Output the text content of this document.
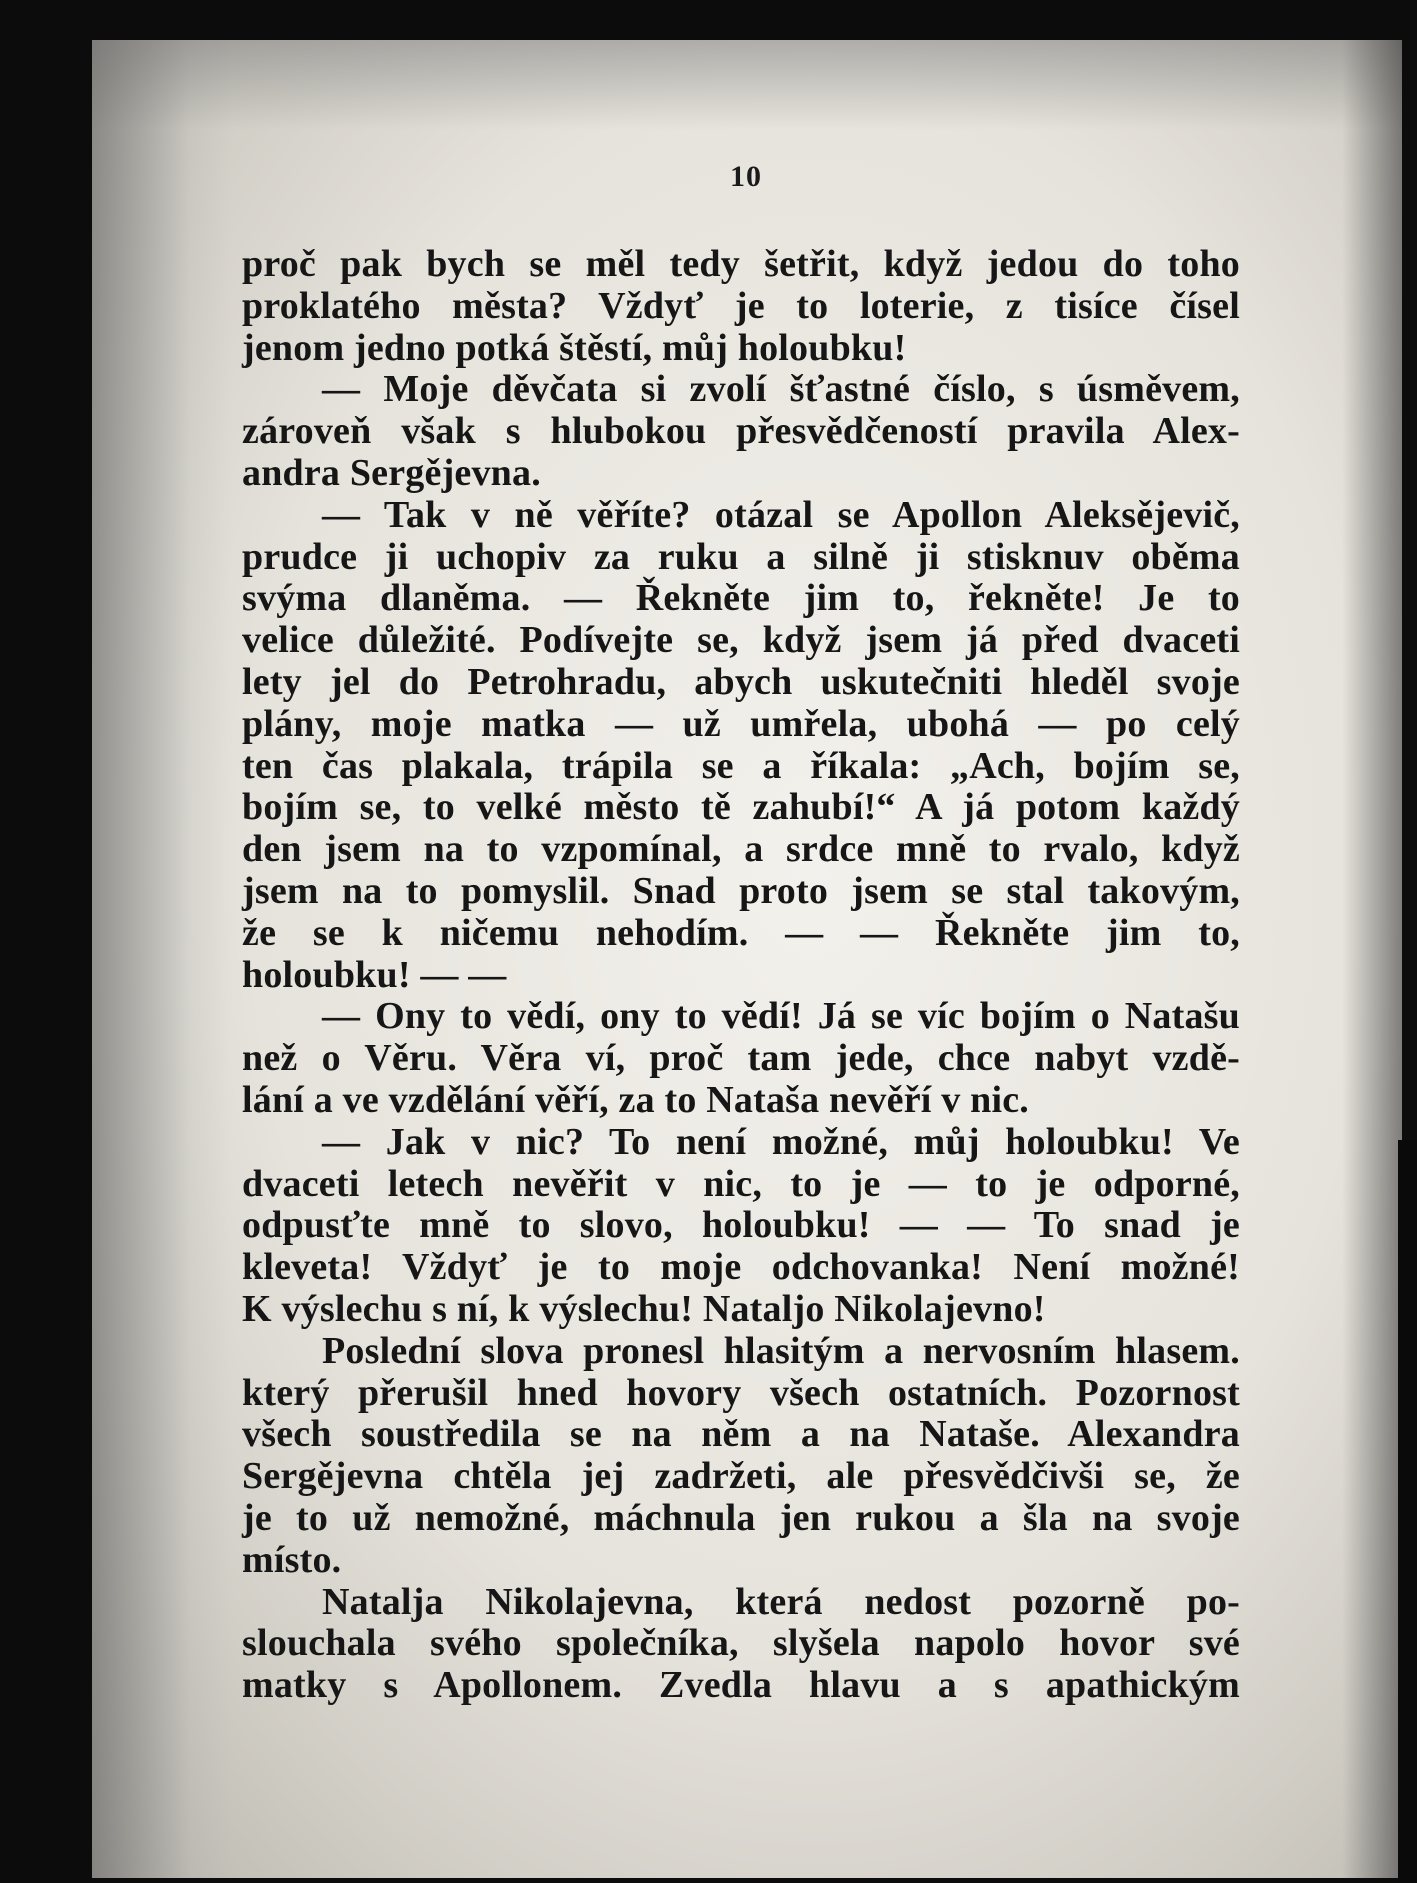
10
proč pak bych se měl tedy šetřit, když jedou do toho
proklatého města? Vždyť je to loterie, z tisíce čísel
jenom jedno potká štěstí, můj holoubku!
— Moje děvčata si zvolí šťastné číslo, s úsměvem,
zároveň však s hlubokou přesvědčeností pravila Alex-
andra Sergějevna.
— Tak v ně věříte? otázal se Apollon Aleksějevič,
prudce ji uchopiv za ruku a silně ji stisknuv oběma
svýma dlaněma. — Řekněte jim to, řekněte! Je to
velice důležité. Podívejte se, když jsem já před dvaceti
lety jel do Petrohradu, abych uskutečniti hleděl svoje
plány, moje matka — už umřela, ubohá — po celý
ten čas plakala, trápila se a říkala: „Ach, bojím se,
bojím se, to velké město tě zahubí!“ A já potom každý
den jsem na to vzpomínal, a srdce mně to rvalo, když
jsem na to pomyslil. Snad proto jsem se stal takovým,
že se k ničemu nehodím. — — Řekněte jim to,
holoubku! — —
— Ony to vědí, ony to vědí! Já se víc bojím o Natašu
než o Věru. Věra ví, proč tam jede, chce nabyt vzdě-
lání a ve vzdělání věří, za to Nataša nevěří v nic.
— Jak v nic? To není možné, můj holoubku! Ve
dvaceti letech nevěřit v nic, to je — to je odporné,
odpusťte mně to slovo, holoubku! — — To snad je
kleveta! Vždyť je to moje odchovanka! Není možné!
K výslechu s ní, k výslechu! Nataljo Nikolajevno!
Poslední slova pronesl hlasitým a nervosním hlasem.
který přerušil hned hovory všech ostatních. Pozornost
všech soustředila se na něm a na Nataše. Alexandra
Sergějevna chtěla jej zadržeti, ale přesvědčivši se, že
je to už nemožné, máchnula jen rukou a šla na svoje
místo.
Natalja Nikolajevna, která nedost pozorně po-
slouchala svého společníka, slyšela napolo hovor své
matky s Apollonem. Zvedla hlavu a s apathickým
